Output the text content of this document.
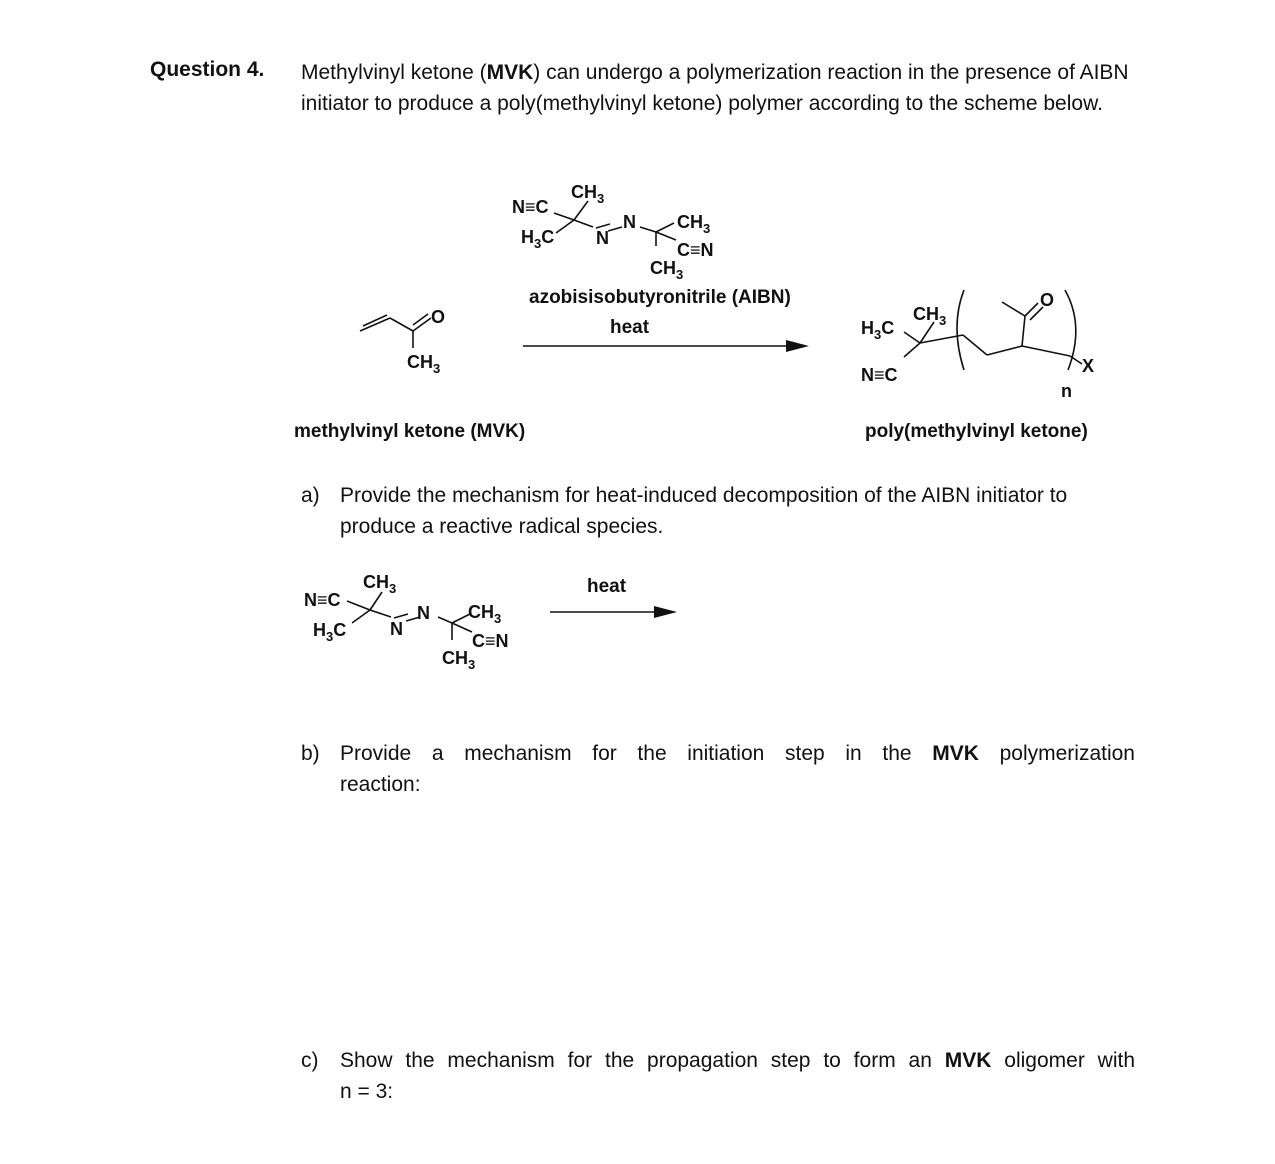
Question 4. Methylvinyl ketone (MVK) can undergo a polymerization reaction in the presence of AIBN initiator to produce a poly(methylvinyl ketone) polymer according to the scheme below.
$CH_3$
N≡C
$H_3C$ N
N $CH_3$
C≡N
$CH_3$
azobisisobutyronitrile (AIBN)
heat
O
$CH_3$
methylvinyl ketone (MVK)
$CH_3$
$H_3C$
N≡C
O
X
n
poly(methylvinyl ketone)
a) Provide the mechanism for heat-induced decomposition of the AIBN initiator to produce a reactive radical species.
$CH_3$
N≡C
$H_3C$ N
N $CH_3$
C≡N
$CH_3$
heat
b) Provide a mechanism for the initiation step in the MVK polymerization
reaction:
c) Show the mechanism for the propagation step to form an MVK oligomer with
n = 3:
